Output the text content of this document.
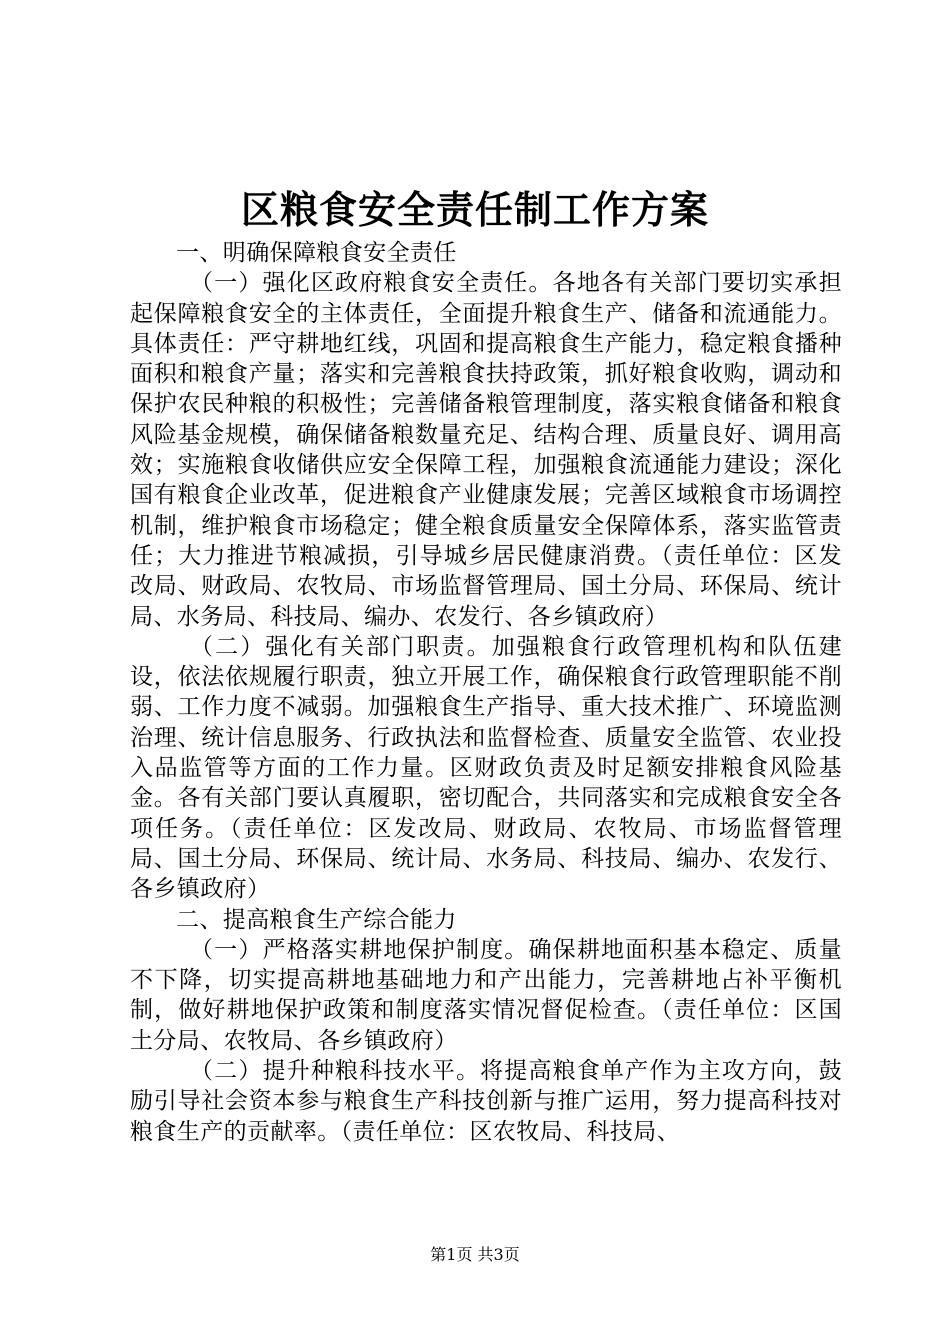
区粮食安全责任制工作方案

一、明确保障粮食安全责任

（一）强化区政府粮食安全责任。各地各有关部门要切实承担起保障粮食安全的主体责任，全面提升粮食生产、储备和流通能力。具体责任：严守耕地红线，巩固和提高粮食生产能力，稳定粮食播种面积和粮食产量；落实和完善粮食扶持政策，抓好粮食收购，调动和保护农民种粮的积极性；完善储备粮管理制度，落实粮食储备和粮食风险基金规模，确保储备粮数量充足、结构合理、质量良好、调用高效；实施粮食收储供应安全保障工程，加强粮食流通能力建设；深化国有粮食企业改革，促进粮食产业健康发展；完善区域粮食市场调控机制，维护粮食市场稳定；健全粮食质量安全保障体系，落实监管责任；大力推进节粮减损，引导城乡居民健康消费。（责任单位：区发改局、财政局、农牧局、市场监督管理局、国土分局、环保局、统计局、水务局、科技局、编办、农发行、各乡镇政府）

（二）强化有关部门职责。加强粮食行政管理机构和队伍建设，依法依规履行职责，独立开展工作，确保粮食行政管理职能不削弱、工作力度不减弱。加强粮食生产指导、重大技术推广、环境监测治理、统计信息服务、行政执法和监督检查、质量安全监管、农业投入品监管等方面的工作力量。区财政负责及时足额安排粮食风险基金。各有关部门要认真履职，密切配合，共同落实和完成粮食安全各项任务。（责任单位：区发改局、财政局、农牧局、市场监督管理局、国土分局、环保局、统计局、水务局、科技局、编办、农发行、各乡镇政府）

二、提高粮食生产综合能力

（一）严格落实耕地保护制度。确保耕地面积基本稳定、质量不下降，切实提高耕地基础地力和产出能力，完善耕地占补平衡机制，做好耕地保护政策和制度落实情况督促检查。（责任单位：区国土分局、农牧局、各乡镇政府）

（二）提升种粮科技水平。将提高粮食单产作为主攻方向，鼓励引导社会资本参与粮食生产科技创新与推广运用，努力提高科技对粮食生产的贡献率。（责任单位：区农牧局、科技局、

第1页 共3页
